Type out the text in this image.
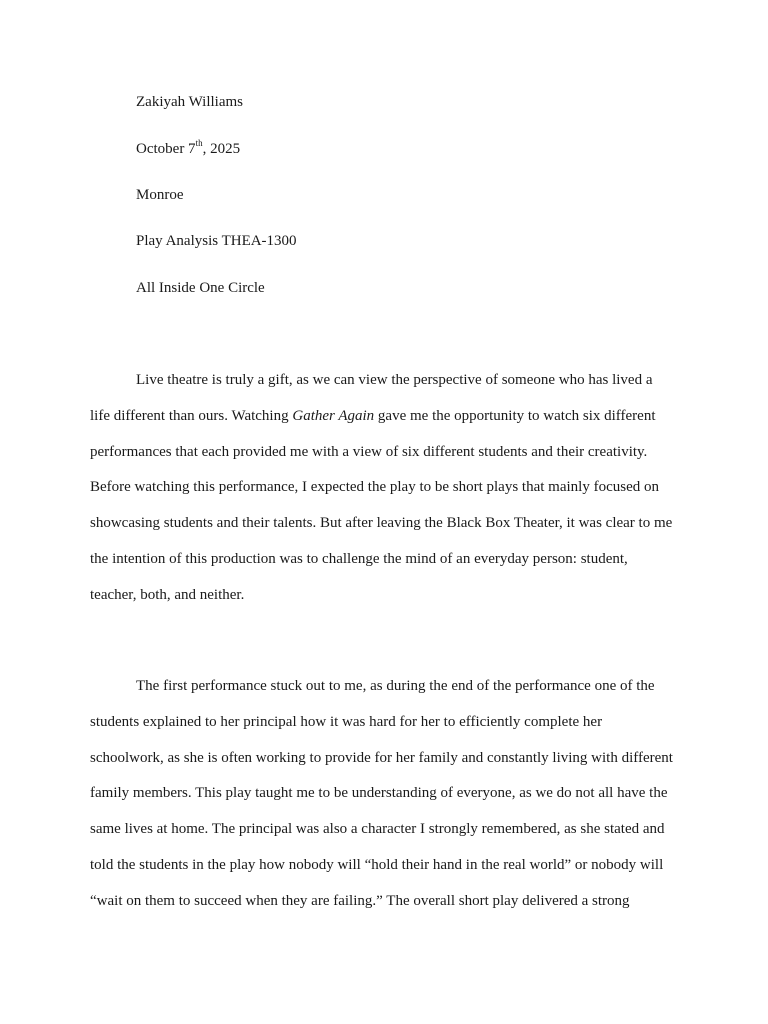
Zakiyah Williams
October 7th, 2025
Monroe
Play Analysis THEA-1300
All Inside One Circle
Live theatre is truly a gift, as we can view the perspective of someone who has lived a
life different than ours. Watching Gather Again gave me the opportunity to watch six different
performances that each provided me with a view of six different students and their creativity.
Before watching this performance, I expected the play to be short plays that mainly focused on
showcasing students and their talents. But after leaving the Black Box Theater, it was clear to me
the intention of this production was to challenge the mind of an everyday person: student,
teacher, both, and neither.
The first performance stuck out to me, as during the end of the performance one of the
students explained to her principal how it was hard for her to efficiently complete her
schoolwork, as she is often working to provide for her family and constantly living with different
family members. This play taught me to be understanding of everyone, as we do not all have the
same lives at home. The principal was also a character I strongly remembered, as she stated and
told the students in the play how nobody will “hold their hand in the real world” or nobody will
“wait on them to succeed when they are failing.” The overall short play delivered a strong
